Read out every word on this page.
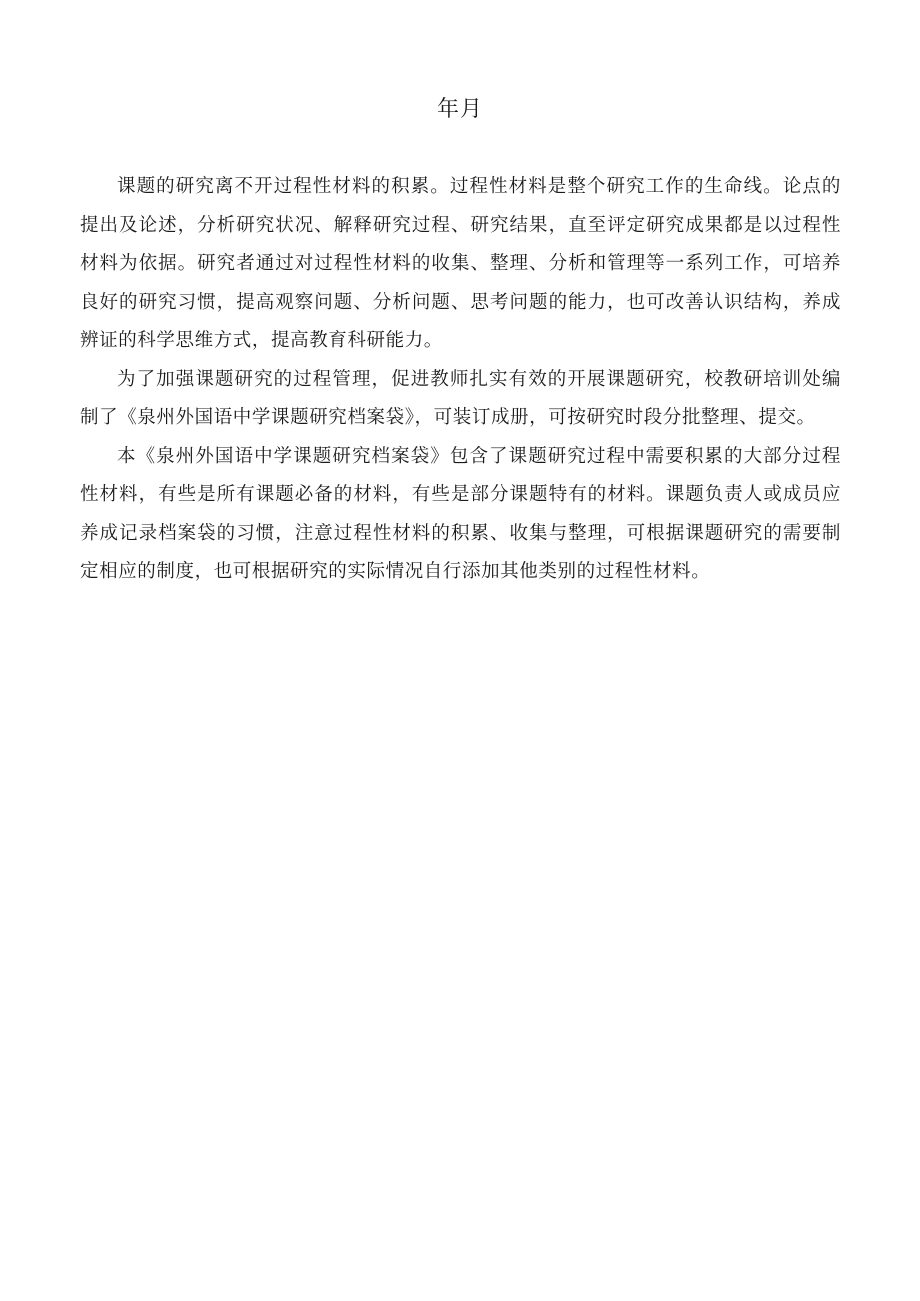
年月

课题的研究离不开过程性材料的积累。过程性材料是整个研究工作的生命线。论点的提出及论述，分析研究状况、解释研究过程、研究结果，直至评定研究成果都是以过程性材料为依据。研究者通过对过程性材料的收集、整理、分析和管理等一系列工作，可培养良好的研究习惯，提高观察问题、分析问题、思考问题的能力，也可改善认识结构，养成辨证的科学思维方式，提高教育科研能力。

为了加强课题研究的过程管理，促进教师扎实有效的开展课题研究，校教研培训处编制了《泉州外国语中学课题研究档案袋》，可装订成册，可按研究时段分批整理、提交。

本《泉州外国语中学课题研究档案袋》包含了课题研究过程中需要积累的大部分过程性材料，有些是所有课题必备的材料，有些是部分课题特有的材料。课题负责人或成员应养成记录档案袋的习惯，注意过程性材料的积累、收集与整理，可根据课题研究的需要制定相应的制度，也可根据研究的实际情况自行添加其他类别的过程性材料。
